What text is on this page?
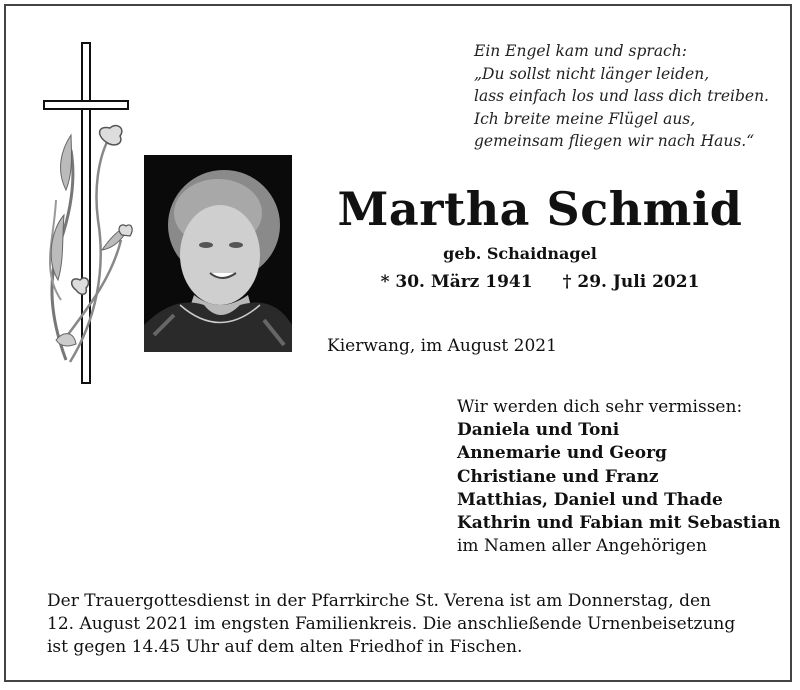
Ein Engel kam und sprach:
„Du sollst nicht länger leiden,
lass einfach los und lass dich treiben.
Ich breite meine Flügel aus,
gemeinsam fliegen wir nach Haus.“
Martha Schmid
geb. Schaidnagel
* 30. März 1941 † 29. Juli 2021
Kierwang, im August 2021
Wir werden dich sehr vermissen:
Daniela und Toni
Annemarie und Georg
Christiane und Franz
Matthias, Daniel und Thade
Kathrin und Fabian mit Sebastian
im Namen aller Angehörigen
Der Trauergottesdienst in der Pfarrkirche St. Verena ist am Donnerstag, den
12. August 2021 im engsten Familienkreis. Die anschließende Urnenbeisetzung
ist gegen 14.45 Uhr auf dem alten Friedhof in Fischen.
